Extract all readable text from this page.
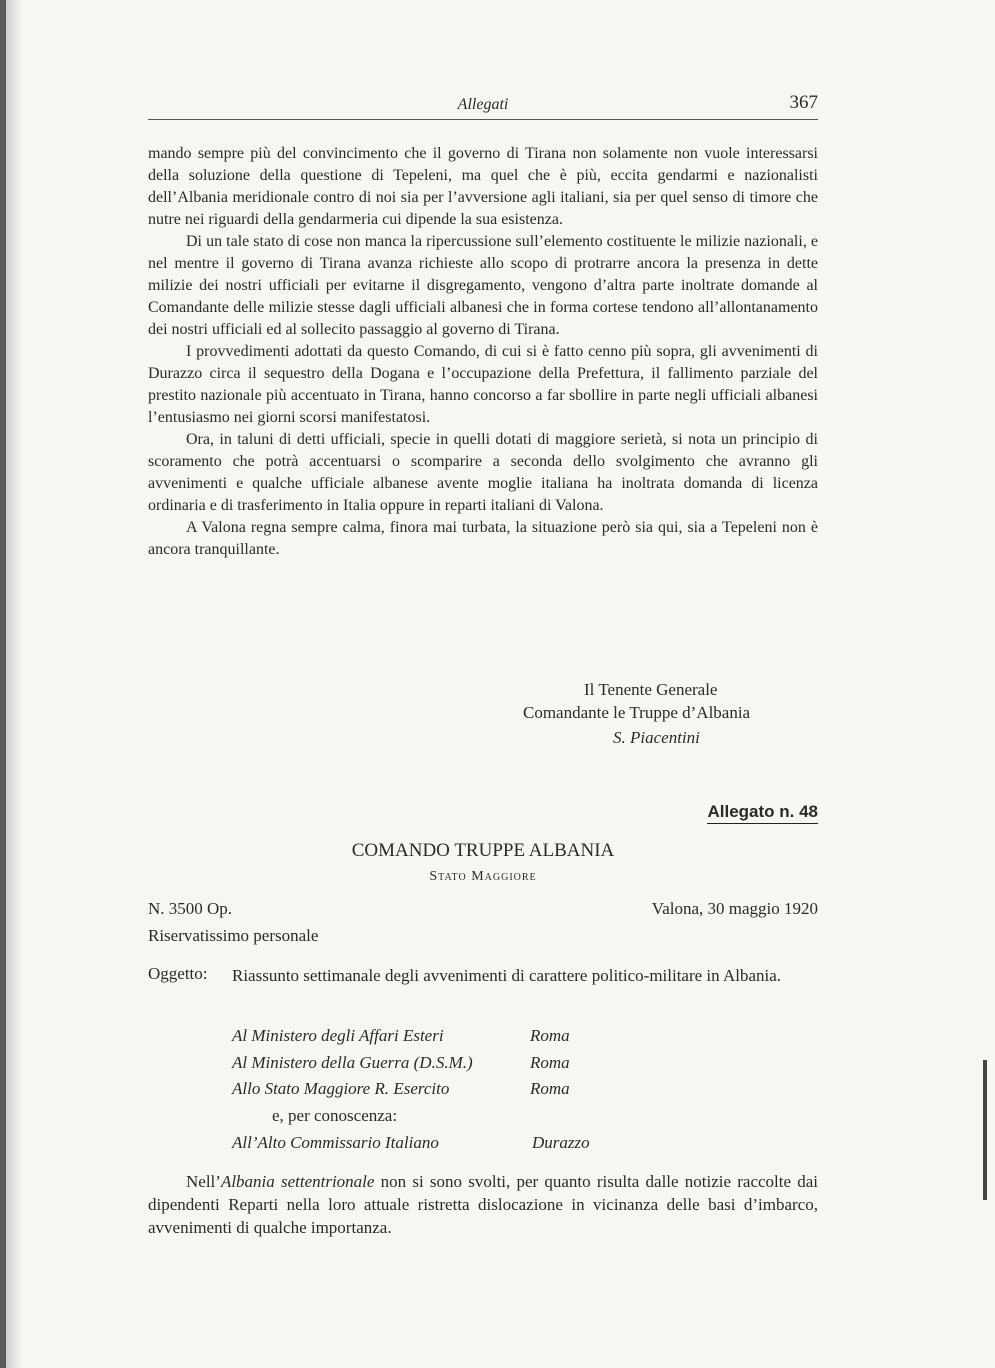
Allegati	367

mando sempre più del convincimento che il governo di Tirana non solamente non vuole interessarsi della soluzione della questione di Tepeleni, ma quel che è più, eccita gendarmi e nazionalisti dell’Albania meridionale contro di noi sia per l’avversione agli italiani, sia per quel senso di timore che nutre nei riguardi della gendarmeria cui dipende la sua esistenza.

Di un tale stato di cose non manca la ripercussione sull’elemento costituente le milizie nazionali, e nel mentre il governo di Tirana avanza richieste allo scopo di protrarre ancora la presenza in dette milizie dei nostri ufficiali per evitarne il disgregamento, vengono d’altra parte inoltrate domande al Comandante delle milizie stesse dagli ufficiali albanesi che in forma cortese tendono all’allontanamento dei nostri ufficiali ed al sollecito passaggio al governo di Tirana.

I provvedimenti adottati da questo Comando, di cui si è fatto cenno più sopra, gli avvenimenti di Durazzo circa il sequestro della Dogana e l’occupazione della Prefettura, il fallimento parziale del prestito nazionale più accentuato in Tirana, hanno concorso a far sbollire in parte negli ufficiali albanesi l’entusiasmo nei giorni scorsi manifestatosi.

Ora, in taluni di detti ufficiali, specie in quelli dotati di maggiore serietà, si nota un principio di scoramento che potrà accentuarsi o scomparire a seconda dello svolgimento che avranno gli avvenimenti e qualche ufficiale albanese avente moglie italiana ha inoltrata domanda di licenza ordinaria e di trasferimento in Italia oppure in reparti italiani di Valona.

A Valona regna sempre calma, finora mai turbata, la situazione però sia qui, sia a Tepeleni non è ancora tranquillante.

Il Tenente Generale
Comandante le Truppe d’Albania
S. Piacentini
Allegato n. 48
COMANDO TRUPPE ALBANIA
Stato Maggiore
N. 3500 Op.	Valona, 30 maggio 1920
Riservatissimo personale
Oggetto: Riassunto settimanale degli avvenimenti di carattere politico-militare in Albania.
Al Ministero degli Affari Esteri	Roma
Al Ministero della Guerra (D.S.M.)	Roma
Allo Stato Maggiore R. Esercito	Roma
e, per conoscenza:
All’Alto Commissario Italiano	Durazzo
Nell’Albania settentrionale non si sono svolti, per quanto risulta dalle notizie raccolte dai dipendenti Reparti nella loro attuale ristretta dislocazione in vicinanza delle basi d’imbarco, avvenimenti di qualche importanza.
